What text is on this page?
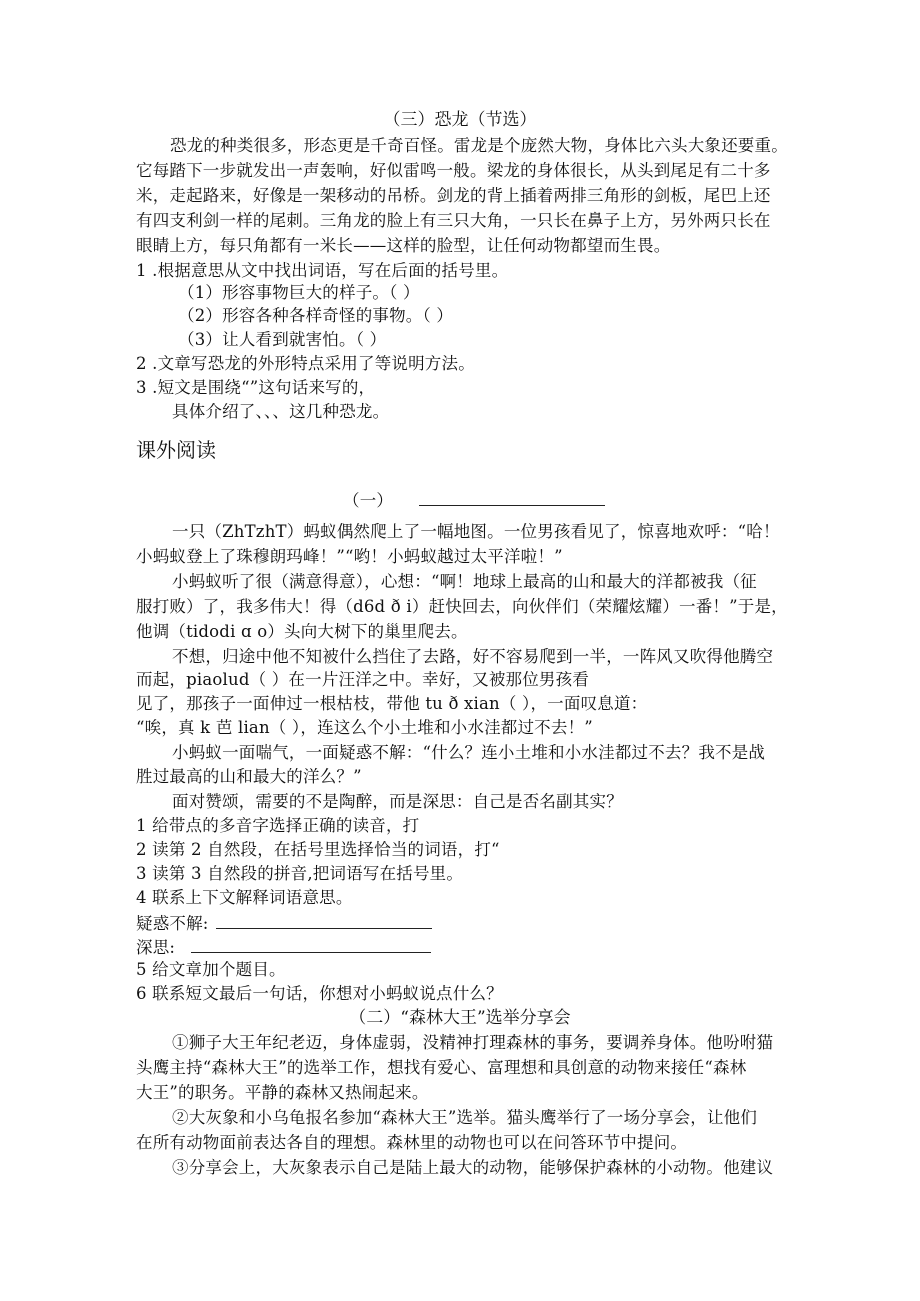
（三）恐龙（节选）
恐龙的种类很多，形态更是千奇百怪。雷龙是个庞然大物，身体比六头大象还要重。
它每踏下一步就发出一声轰响，好似雷鸣一般。梁龙的身体很长，从头到尾足有二十多
米，走起路来，好像是一架移动的吊桥。剑龙的背上插着两排三角形的剑板，尾巴上还
有四支利剑一样的尾刺。三角龙的脸上有三只大角，一只长在鼻子上方，另外两只长在
眼睛上方，每只角都有一米长——这样的脸型，让任何动物都望而生畏。
1 .根据意思从文中找出词语，写在后面的括号里。
（1）形容事物巨大的样子。（ ）
（2）形容各种各样奇怪的事物。（ ）
（3）让人看到就害怕。（ ）
2 .文章写恐龙的外形特点采用了等说明方法。
3 .短文是围绕“”这句话来写的，
具体介绍了、、、这几种恐龙。
课外阅读
（一）
一只（ZhTzhT）蚂蚁偶然爬上了一幅地图。一位男孩看见了，惊喜地欢呼：“哈！
小蚂蚁登上了珠穆朗玛峰！”“哟！小蚂蚁越过太平洋啦！”
小蚂蚁听了很（满意得意），心想：“啊！地球上最高的山和最大的洋都被我（征
服打败）了，我多伟大！得（d6d ð i）赶快回去，向伙伴们（荣耀炫耀）一番！”于是，
他调（tidodi ɑ o）头向大树下的巢里爬去。
不想，归途中他不知被什么挡住了去路，好不容易爬到一半，一阵风又吹得他腾空
而起，piaolud（ ）在一片汪洋之中。幸好，又被那位男孩看
见了，那孩子一面伸过一根枯枝，带他 tu ð xian（ ），一面叹息道：
“唉，真 k 芭 lian（ ），连这么个小土堆和小水洼都过不去！”
小蚂蚁一面喘气，一面疑惑不解：“什么？连小土堆和小水洼都过不去？我不是战
胜过最高的山和最大的洋么？”
面对赞颂，需要的不是陶醉，而是深思：自己是否名副其实？
1 给带点的多音字选择正确的读音，打
2 读第 2 自然段，在括号里选择恰当的词语，打“
3 读第 3 自然段的拼音,把词语写在括号里。
4 联系上下文解释词语意思。
疑惑不解:
深思:
5 给文章加个题目。
6 联系短文最后一句话，你想对小蚂蚁说点什么？
（二）“森林大王”选举分享会
①狮子大王年纪老迈，身体虚弱，没精神打理森林的事务，要调养身体。他吩咐猫
头鹰主持“森林大王”的选举工作，想找有爱心、富理想和具创意的动物来接任“森林
大王”的职务。平静的森林又热闹起来。
②大灰象和小乌龟报名参加“森林大王”选举。猫头鹰举行了一场分享会，让他们
在所有动物面前表达各自的理想。森林里的动物也可以在问答环节中提问。
③分享会上，大灰象表示自己是陆上最大的动物，能够保护森林的小动物。他建议
